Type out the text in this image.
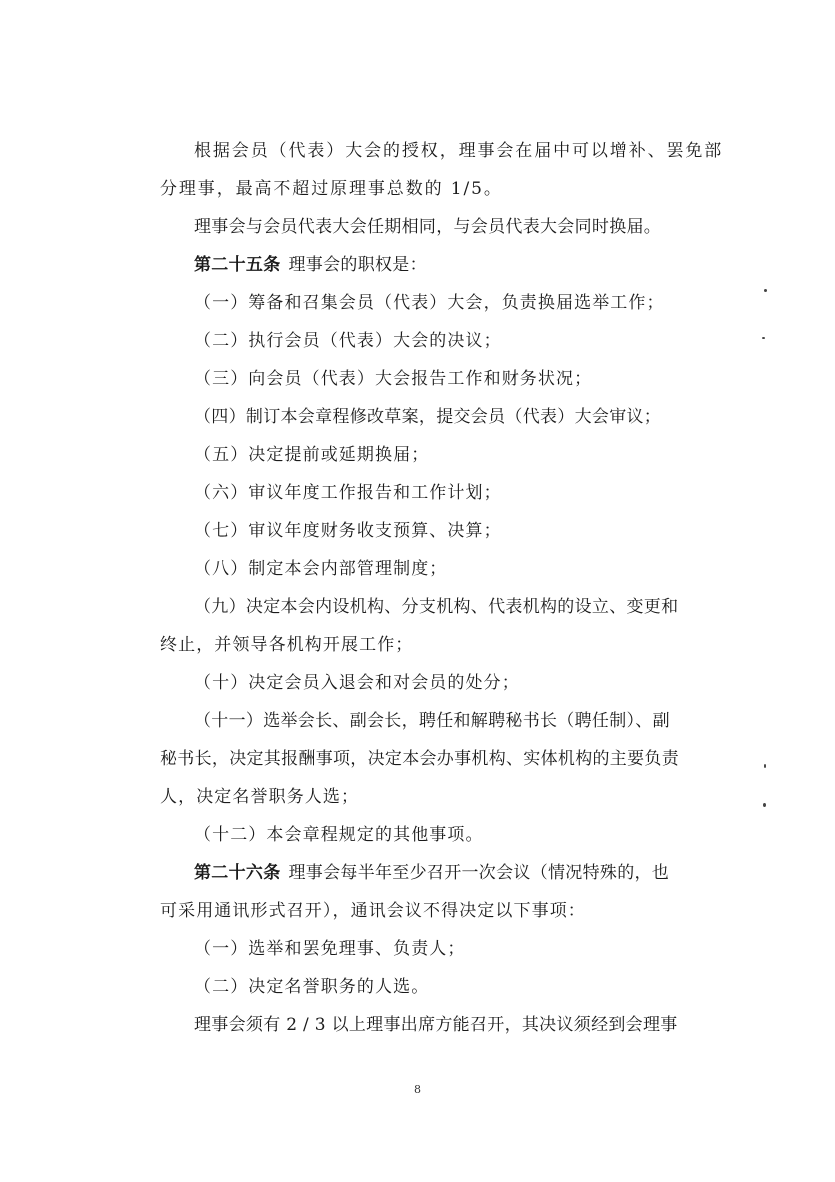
根据会员（代表）大会的授权，理事会在届中可以增补、罢免部
分理事，最高不超过原理事总数的 1/5。
理事会与会员代表大会任期相同，与会员代表大会同时换届。
第二十五条 理事会的职权是：
（一）筹备和召集会员（代表）大会，负责换届选举工作；
（二）执行会员（代表）大会的决议；
（三）向会员（代表）大会报告工作和财务状况；
（四）制订本会章程修改草案，提交会员（代表）大会审议；
（五）决定提前或延期换届；
（六）审议年度工作报告和工作计划；
（七）审议年度财务收支预算、决算；
（八）制定本会内部管理制度；
（九）决定本会内设机构、分支机构、代表机构的设立、变更和
终止，并领导各机构开展工作；
（十）决定会员入退会和对会员的处分；
（十一）选举会长、副会长，聘任和解聘秘书长（聘任制）、副
秘书长，决定其报酬事项，决定本会办事机构、实体机构的主要负责
人，决定名誉职务人选；
（十二）本会章程规定的其他事项。
第二十六条 理事会每半年至少召开一次会议（情况特殊的，也
可采用通讯形式召开），通讯会议不得决定以下事项：
（一）选举和罢免理事、负责人；
（二）决定名誉职务的人选。
理事会须有 2 / 3 以上理事出席方能召开，其决议须经到会理事
8
